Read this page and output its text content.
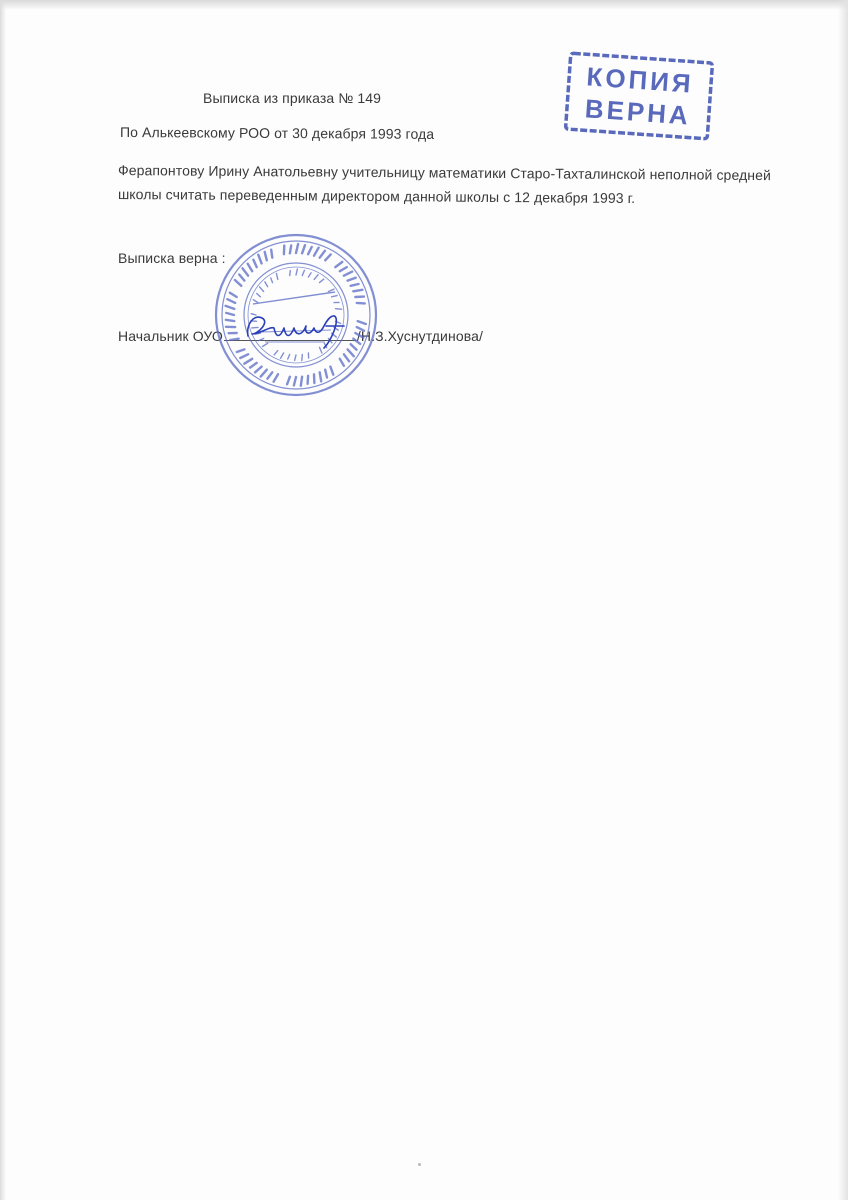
Выписка из приказа № 149
По Алькеевскому РОО от 30 декабря 1993 года
Ферапонтову Ирину Анатольевну учительницу математики Старо-Тахталинской неполной средней
школы считать переведенным директором данной школы с 12 декабря 1993 г.
Выписка верна :
Начальник ОУО	/Н.З.Хуснутдинова/
КОПИЯ
ВЕРНА
